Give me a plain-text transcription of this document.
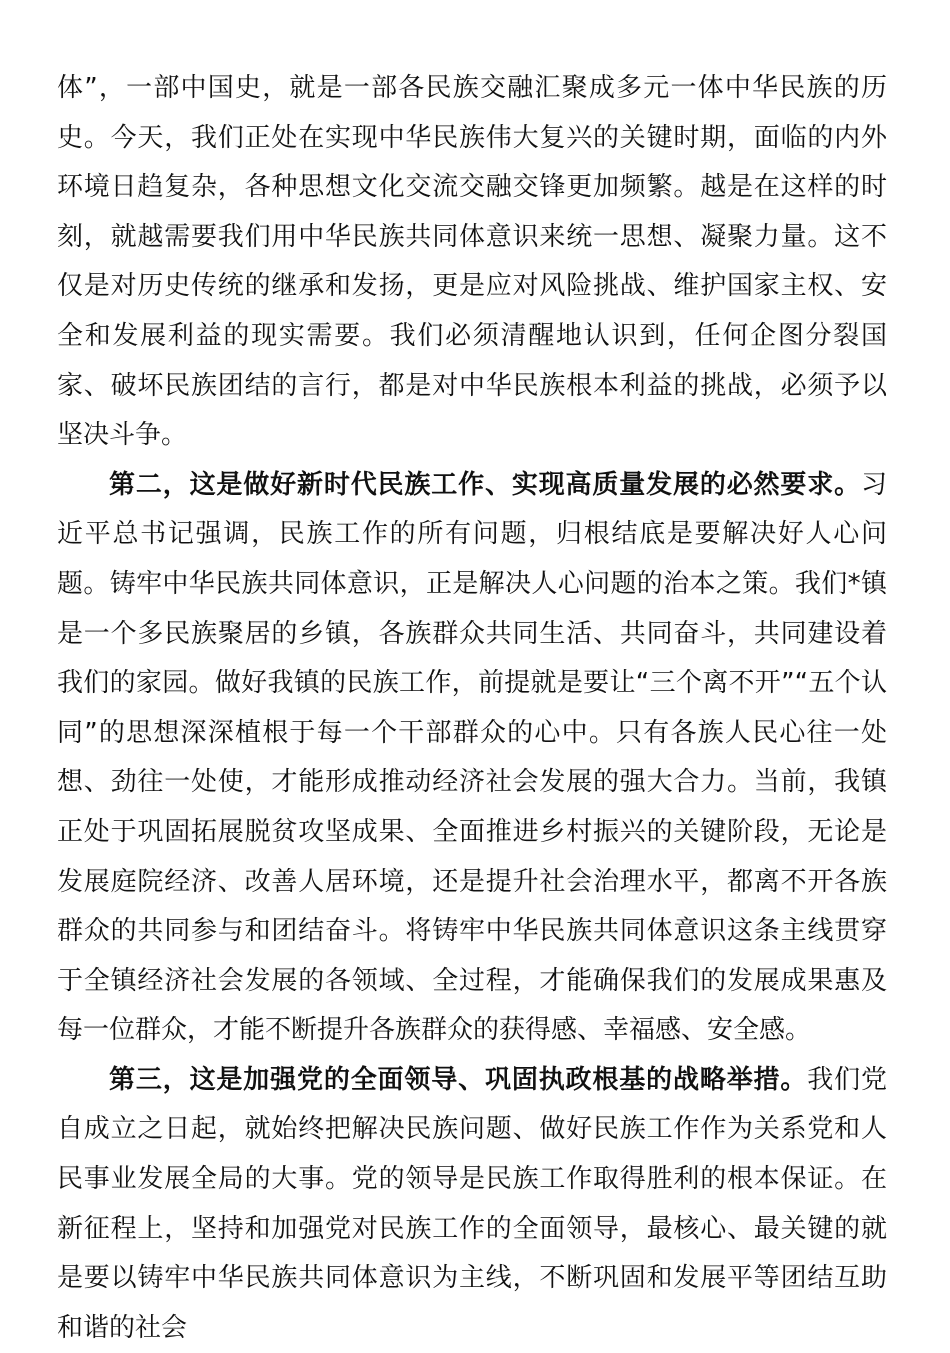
体”，一部中国史，就是一部各民族交融汇聚成多元一体中华民族的历史。今天，我们正处在实现中华民族伟大复兴的关键时期，面临的内外环境日趋复杂，各种思想文化交流交融交锋更加频繁。越是在这样的时刻，就越需要我们用中华民族共同体意识来统一思想、凝聚力量。这不仅是对历史传统的继承和发扬，更是应对风险挑战、维护国家主权、安全和发展利益的现实需要。我们必须清醒地认识到，任何企图分裂国家、破坏民族团结的言行，都是对中华民族根本利益的挑战，必须予以坚决斗争。

第二，这是做好新时代民族工作、实现高质量发展的必然要求。习近平总书记强调，民族工作的所有问题，归根结底是要解决好人心问题。铸牢中华民族共同体意识，正是解决人心问题的治本之策。我们*镇是一个多民族聚居的乡镇，各族群众共同生活、共同奋斗，共同建设着我们的家园。做好我镇的民族工作，前提就是要让“三个离不开”“五个认同”的思想深深植根于每一个干部群众的心中。只有各族人民心往一处想、劲往一处使，才能形成推动经济社会发展的强大合力。当前，我镇正处于巩固拓展脱贫攻坚成果、全面推进乡村振兴的关键阶段，无论是发展庭院经济、改善人居环境，还是提升社会治理水平，都离不开各族群众的共同参与和团结奋斗。将铸牢中华民族共同体意识这条主线贯穿于全镇经济社会发展的各领域、全过程，才能确保我们的发展成果惠及每一位群众，才能不断提升各族群众的获得感、幸福感、安全感。

第三，这是加强党的全面领导、巩固执政根基的战略举措。我们党自成立之日起，就始终把解决民族问题、做好民族工作作为关系党和人民事业发展全局的大事。党的领导是民族工作取得胜利的根本保证。在新征程上，坚持和加强党对民族工作的全面领导，最核心、最关键的就是要以铸牢中华民族共同体意识为主线，不断巩固和发展平等团结互助和谐的社会
